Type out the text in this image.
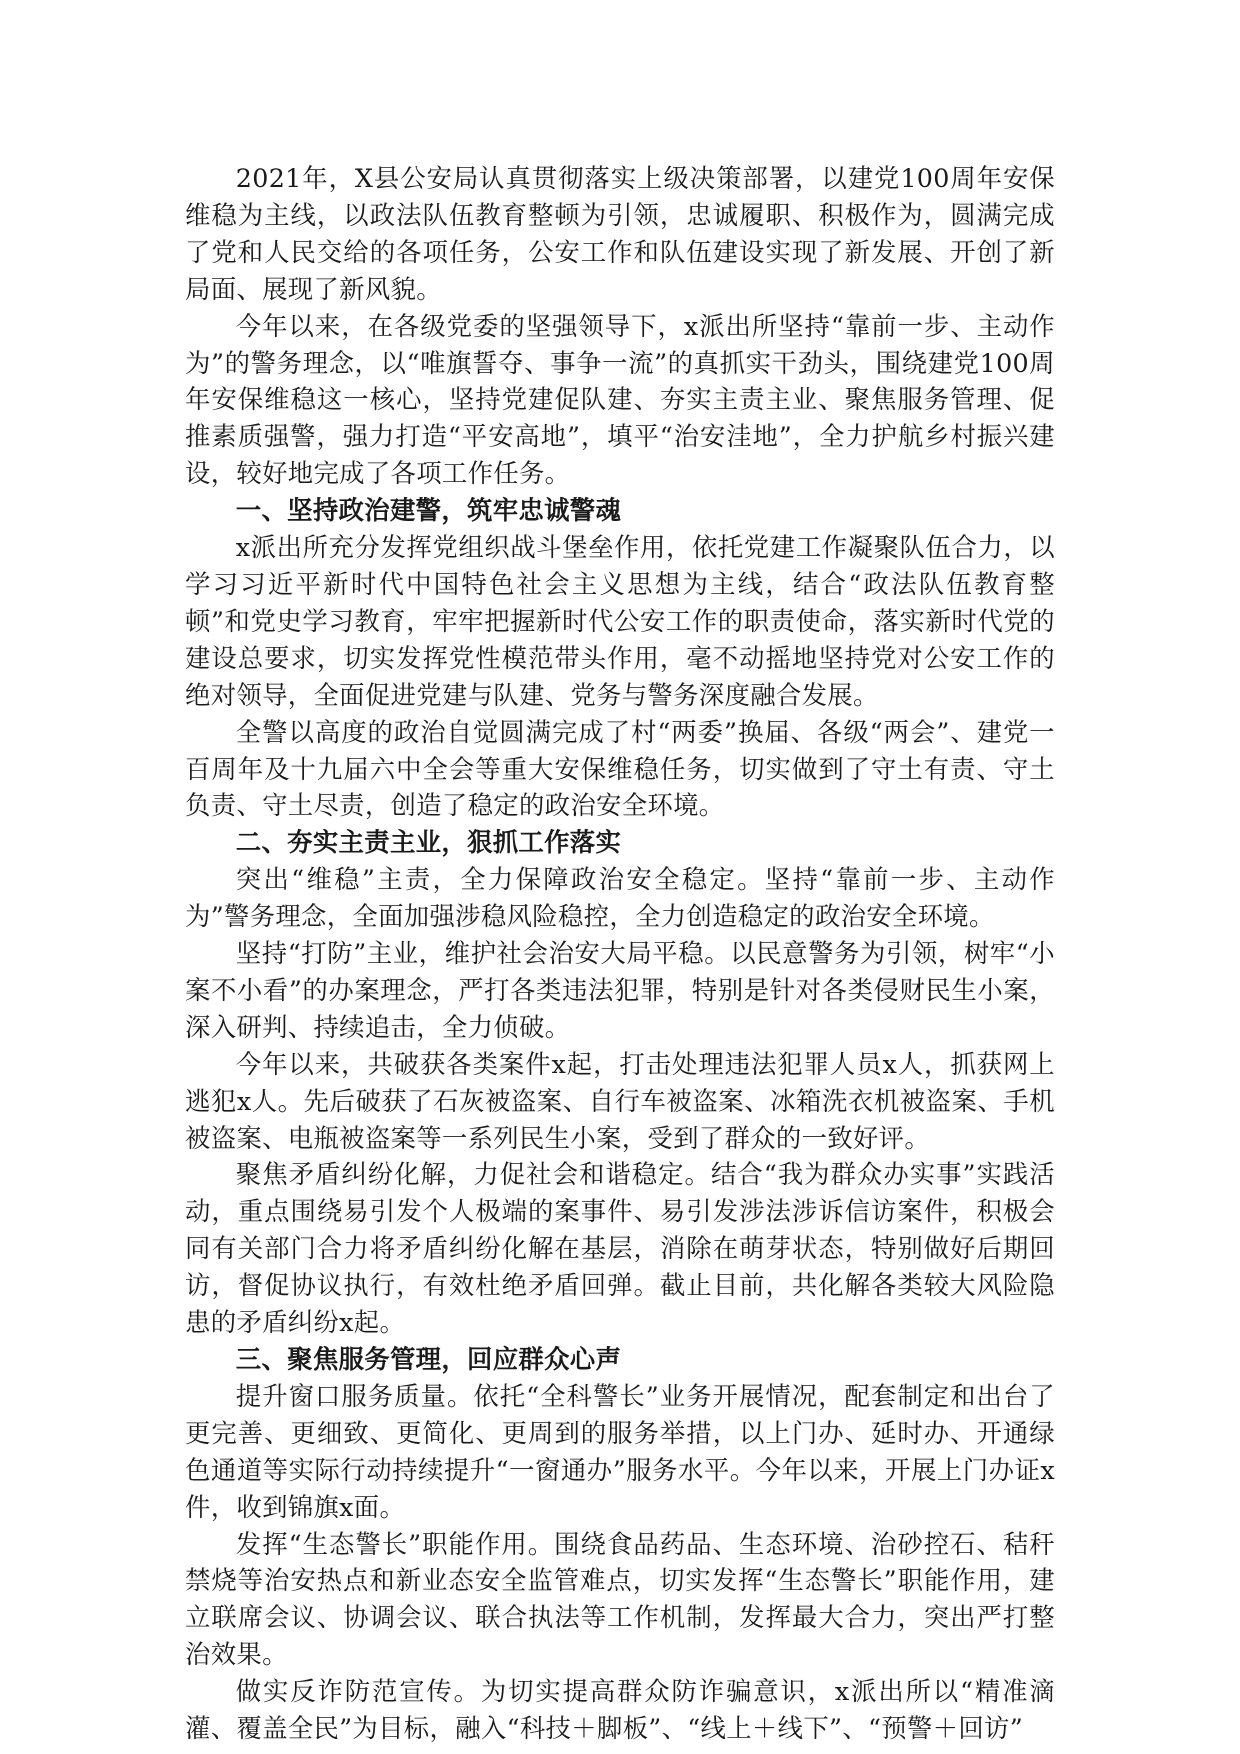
2021年，X县公安局认真贯彻落实上级决策部署，以建党100周年安保维稳为主线，以政法队伍教育整顿为引领，忠诚履职、积极作为，圆满完成了党和人民交给的各项任务，公安工作和队伍建设实现了新发展、开创了新局面、展现了新风貌。

今年以来，在各级党委的坚强领导下，x派出所坚持“靠前一步、主动作为”的警务理念，以“唯旗誓夺、事争一流”的真抓实干劲头，围绕建党100周年安保维稳这一核心，坚持党建促队建、夯实主责主业、聚焦服务管理、促推素质强警，强力打造“平安高地”，填平“治安洼地”，全力护航乡村振兴建设，较好地完成了各项工作任务。

一、坚持政治建警，筑牢忠诚警魂

x派出所充分发挥党组织战斗堡垒作用，依托党建工作凝聚队伍合力，以学习习近平新时代中国特色社会主义思想为主线，结合“政法队伍教育整顿”和党史学习教育，牢牢把握新时代公安工作的职责使命，落实新时代党的建设总要求，切实发挥党性模范带头作用，毫不动摇地坚持党对公安工作的绝对领导，全面促进党建与队建、党务与警务深度融合发展。

全警以高度的政治自觉圆满完成了村“两委”换届、各级“两会”、建党一百周年及十九届六中全会等重大安保维稳任务，切实做到了守土有责、守土负责、守土尽责，创造了稳定的政治安全环境。

二、夯实主责主业，狠抓工作落实

突出“维稳”主责，全力保障政治安全稳定。坚持“靠前一步、主动作为”警务理念，全面加强涉稳风险稳控，全力创造稳定的政治安全环境。

坚持“打防”主业，维护社会治安大局平稳。以民意警务为引领，树牢“小案不小看”的办案理念，严打各类违法犯罪，特别是针对各类侵财民生小案，深入研判、持续追击，全力侦破。

今年以来，共破获各类案件x起，打击处理违法犯罪人员x人，抓获网上逃犯x人。先后破获了石灰被盗案、自行车被盗案、冰箱洗衣机被盗案、手机被盗案、电瓶被盗案等一系列民生小案，受到了群众的一致好评。

聚焦矛盾纠纷化解，力促社会和谐稳定。结合“我为群众办实事”实践活动，重点围绕易引发个人极端的案事件、易引发涉法涉诉信访案件，积极会同有关部门合力将矛盾纠纷化解在基层，消除在萌芽状态，特别做好后期回访，督促协议执行，有效杜绝矛盾回弹。截止目前，共化解各类较大风险隐患的矛盾纠纷x起。

三、聚焦服务管理，回应群众心声

提升窗口服务质量。依托“全科警长”业务开展情况，配套制定和出台了更完善、更细致、更简化、更周到的服务举措，以上门办、延时办、开通绿色通道等实际行动持续提升“一窗通办”服务水平。今年以来，开展上门办证x件，收到锦旗x面。

发挥“生态警长”职能作用。围绕食品药品、生态环境、治砂控石、秸秆禁烧等治安热点和新业态安全监管难点，切实发挥“生态警长”职能作用，建立联席会议、协调会议、联合执法等工作机制，发挥最大合力，突出严打整治效果。

做实反诈防范宣传。为切实提高群众防诈骗意识，x派出所以“精准滴灌、覆盖全民”为目标，融入“科技＋脚板”、“线上＋线下”、“预警＋回访”
